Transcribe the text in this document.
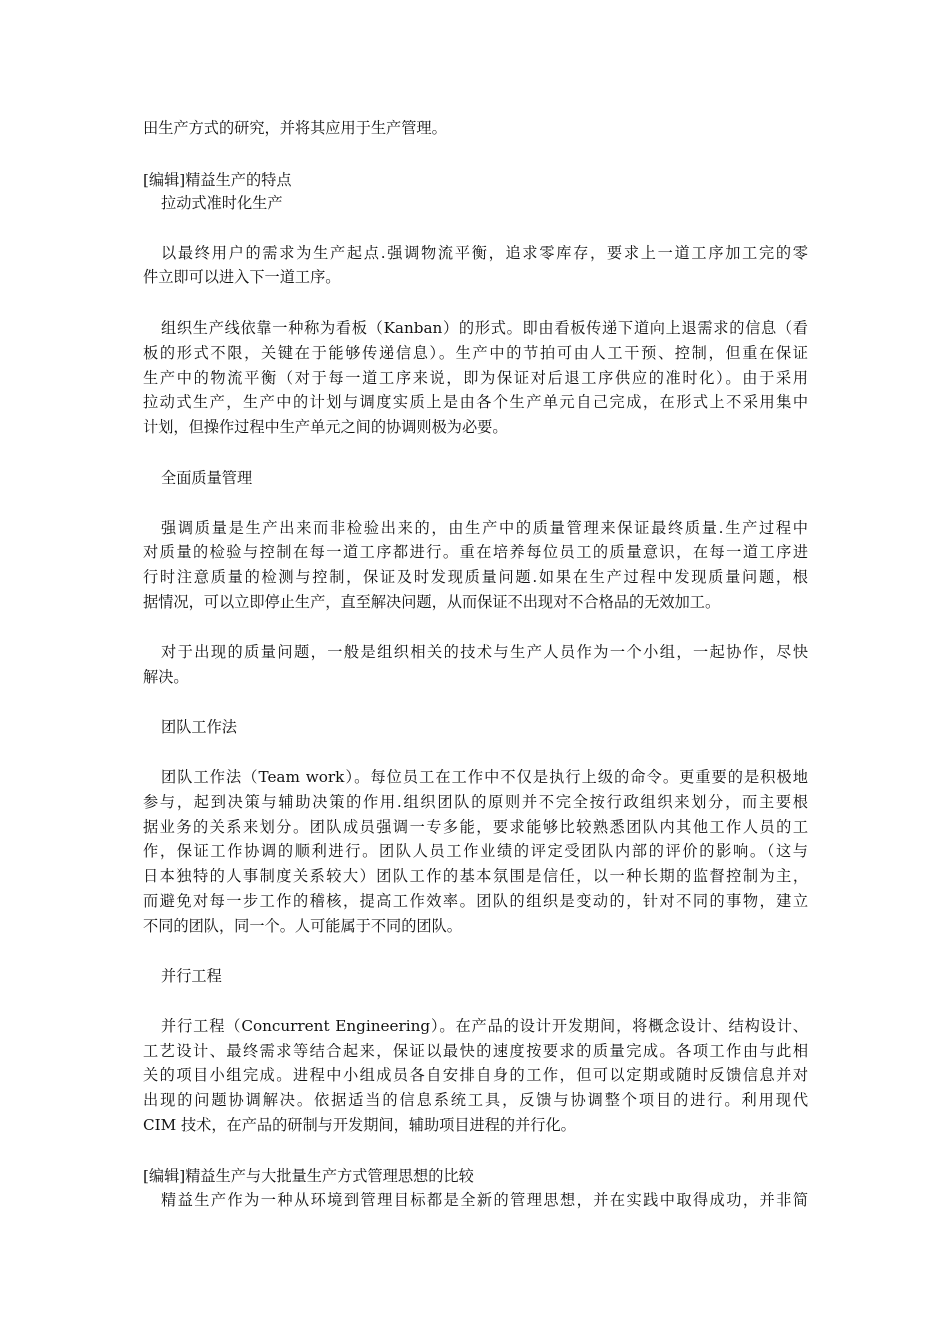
田生产方式的研究，并将其应用于生产管理。
[编辑]精益生产的特点
拉动式准时化生产
以最终用户的需求为生产起点.强调物流平衡，追求零库存，要求上一道工序加工完的零
件立即可以进入下一道工序。
组织生产线依靠一种称为看板（Kanban）的形式。即由看板传递下道向上退需求的信息（看
板的形式不限，关键在于能够传递信息）。生产中的节拍可由人工干预、控制，但重在保证
生产中的物流平衡（对于每一道工序来说，即为保证对后退工序供应的准时化）。由于采用
拉动式生产，生产中的计划与调度实质上是由各个生产单元自己完成，在形式上不采用集中
计划，但操作过程中生产单元之间的协调则极为必要。
全面质量管理
强调质量是生产出来而非检验出来的，由生产中的质量管理来保证最终质量.生产过程中
对质量的检验与控制在每一道工序都进行。重在培养每位员工的质量意识，在每一道工序进
行时注意质量的检测与控制，保证及时发现质量问题.如果在生产过程中发现质量问题，根
据情况，可以立即停止生产，直至解决问题，从而保证不出现对不合格品的无效加工。
对于出现的质量问题，一般是组织相关的技术与生产人员作为一个小组，一起协作，尽快
解决。
团队工作法
团队工作法（Team work）。每位员工在工作中不仅是执行上级的命令。更重要的是积极地
参与，起到决策与辅助决策的作用.组织团队的原则并不完全按行政组织来划分，而主要根
据业务的关系来划分。团队成员强调一专多能，要求能够比较熟悉团队内其他工作人员的工
作，保证工作协调的顺利进行。团队人员工作业绩的评定受团队内部的评价的影响。（这与
日本独特的人事制度关系较大）团队工作的基本氛围是信任，以一种长期的监督控制为主，
而避免对每一步工作的稽核，提高工作效率。团队的组织是变动的，针对不同的事物，建立
不同的团队，同一个。人可能属于不同的团队。
并行工程
并行工程（Concurrent Engineering）。在产品的设计开发期间，将概念设计、结构设计、
工艺设计、最终需求等结合起来，保证以最快的速度按要求的质量完成。各项工作由与此相
关的项目小组完成。进程中小组成员各自安排自身的工作，但可以定期或随时反馈信息并对
出现的问题协调解决。依据适当的信息系统工具，反馈与协调整个项目的进行。利用现代
CIM 技术，在产品的研制与开发期间，辅助项目进程的并行化。
[编辑]精益生产与大批量生产方式管理思想的比较
精益生产作为一种从环境到管理目标都是全新的管理思想，并在实践中取得成功，并非简
